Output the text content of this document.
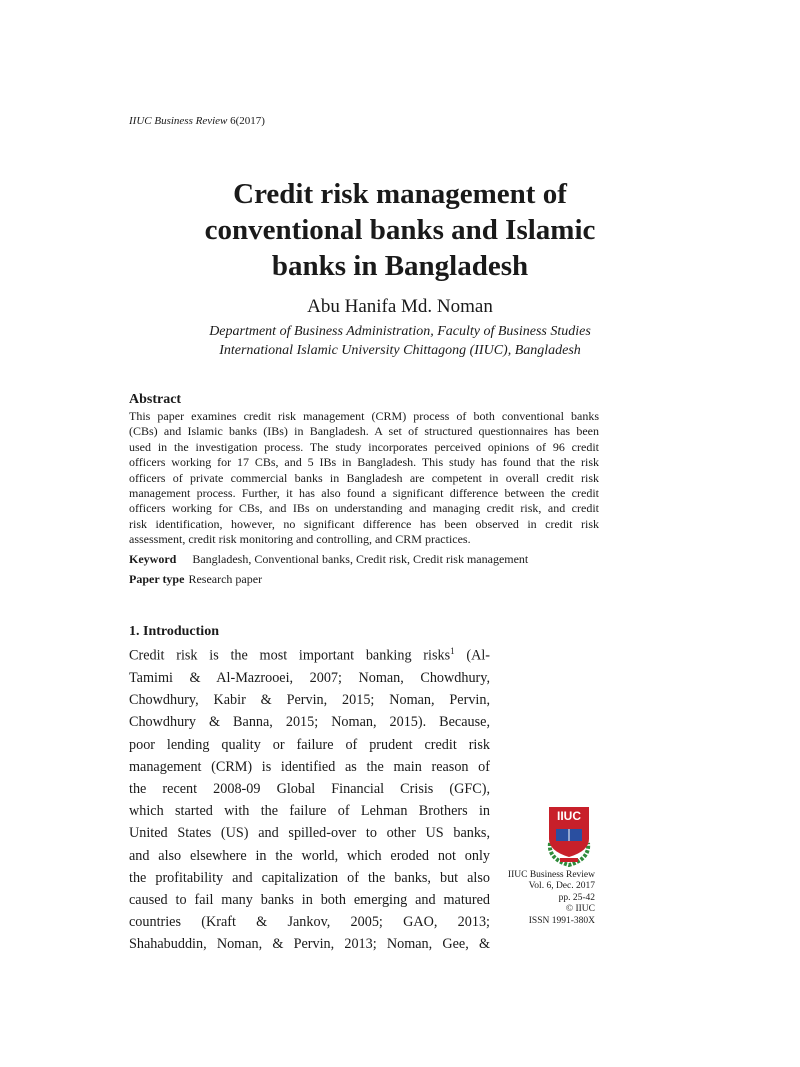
IIUC Business Review 6(2017)
Credit risk management of
conventional banks and Islamic
banks in Bangladesh
Abu Hanifa Md. Noman
Department of Business Administration, Faculty of Business Studies
International Islamic University Chittagong (IIUC), Bangladesh
Abstract
This paper examines credit risk management (CRM) process of both conventional banks
(CBs) and Islamic banks (IBs) in Bangladesh. A set of structured questionnaires has been
used in the investigation process. The study incorporates perceived opinions of 96 credit
officers working for 17 CBs, and 5 IBs in Bangladesh. This study has found that the risk
officers of private commercial banks in Bangladesh are competent in overall credit risk
management process. Further, it has also found a significant difference between the credit
officers working for CBs, and IBs on understanding and managing credit risk, and credit
risk identification, however, no significant difference has been observed in credit risk
assessment, credit risk monitoring and controlling, and CRM practices.
Keyword Bangladesh, Conventional banks, Credit risk, Credit risk management
Paper type Research paper
1. Introduction
Credit risk is the most important banking risks$^1$ (Al-
Tamimi & Al-Mazrooei, 2007; Noman, Chowdhury,
Chowdhury, Kabir & Pervin, 2015; Noman, Pervin,
Chowdhury & Banna, 2015; Noman, 2015). Because,
poor lending quality or failure of prudent credit risk
management (CRM) is identified as the main reason of
the recent 2008-09 Global Financial Crisis (GFC),
which started with the failure of Lehman Brothers in
United States (US) and spilled-over to other US banks,
and also elsewhere in the world, which eroded not only
the profitability and capitalization of the banks, but also
caused to fail many banks in both emerging and matured
countries (Kraft & Jankov, 2005; GAO, 2013;
Shahabuddin, Noman, & Pervin, 2013; Noman, Gee, &
IIUC
IIUC Business Review
Vol. 6, Dec. 2017
pp. 25-42
© IIUC
ISSN 1991-380X
